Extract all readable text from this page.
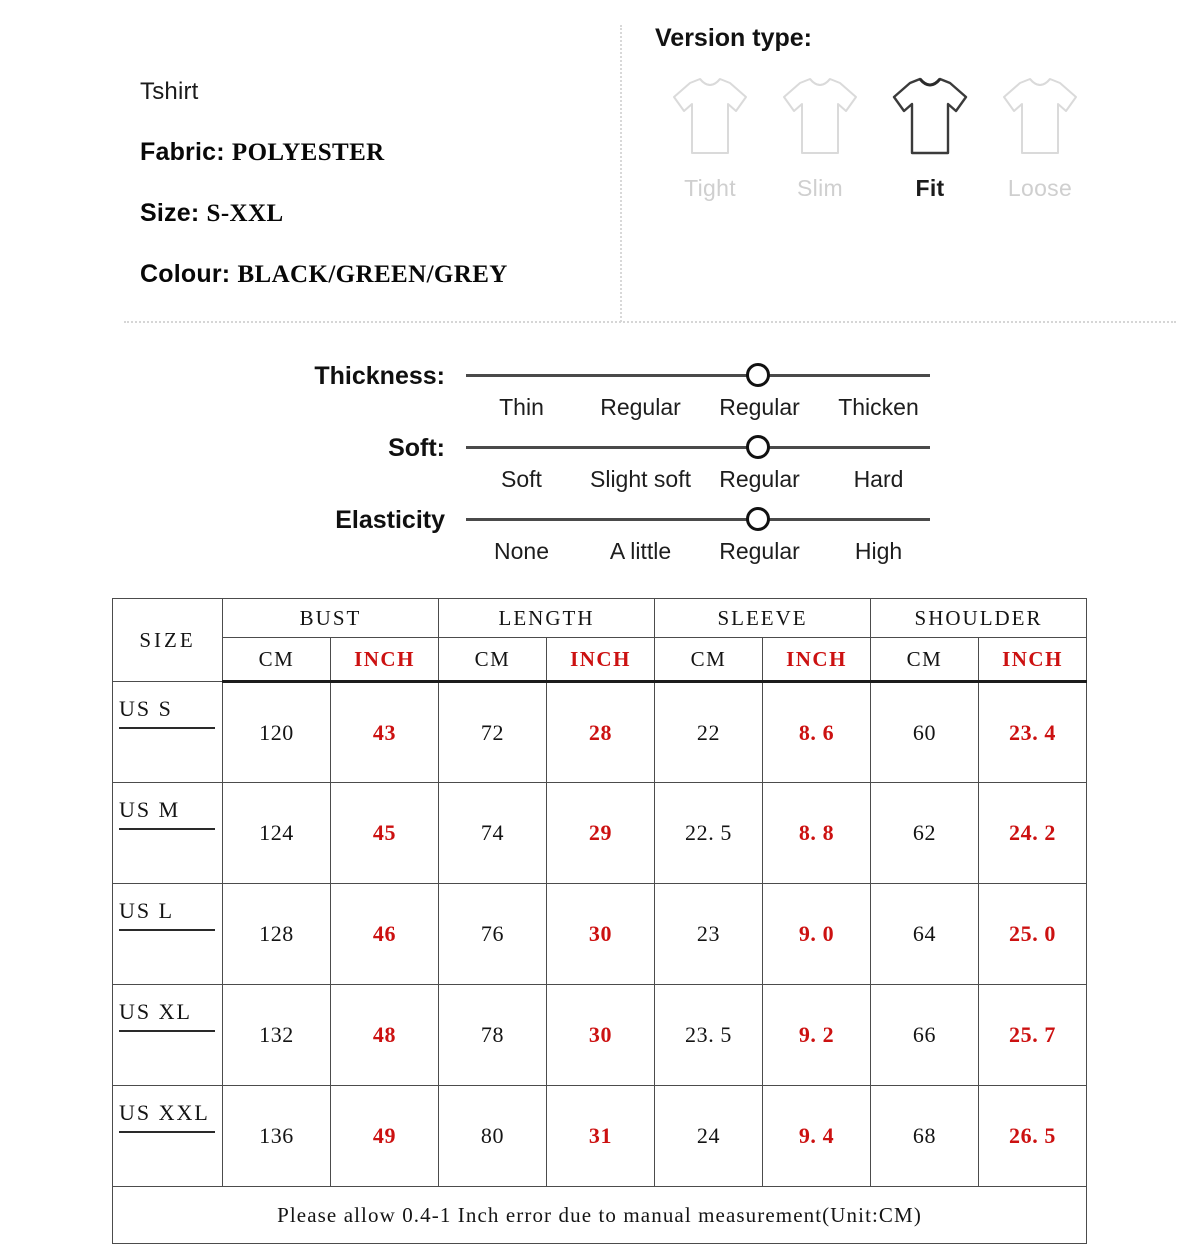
Tshirt
Fabric: POLYESTER
Size: S-XXL
Colour: BLACK/GREEN/GREY
Version type:
Tight	Slim	Fit	Loose
Thickness:
Thin	Regular	Regular	Thicken
Soft:
Soft	Slight soft	Regular	Hard
Elasticity
None	A little	Regular	High
SIZE	BUST		LENGTH		SLEEVE		SHOULDER	
	CM	INCH	CM	INCH	CM	INCH	CM	INCH
US S	120	43	72	28	22	8. 6	60	23. 4
US M	124	45	74	29	22. 5	8. 8	62	24. 2
US L	128	46	76	30	23	9. 0	64	25. 0
US XL	132	48	78	30	23. 5	9. 2	66	25. 7
US XXL	136	49	80	31	24	9. 4	68	26. 5
Please allow 0.4-1 Inch error due to manual measurement(Unit:CM)								
